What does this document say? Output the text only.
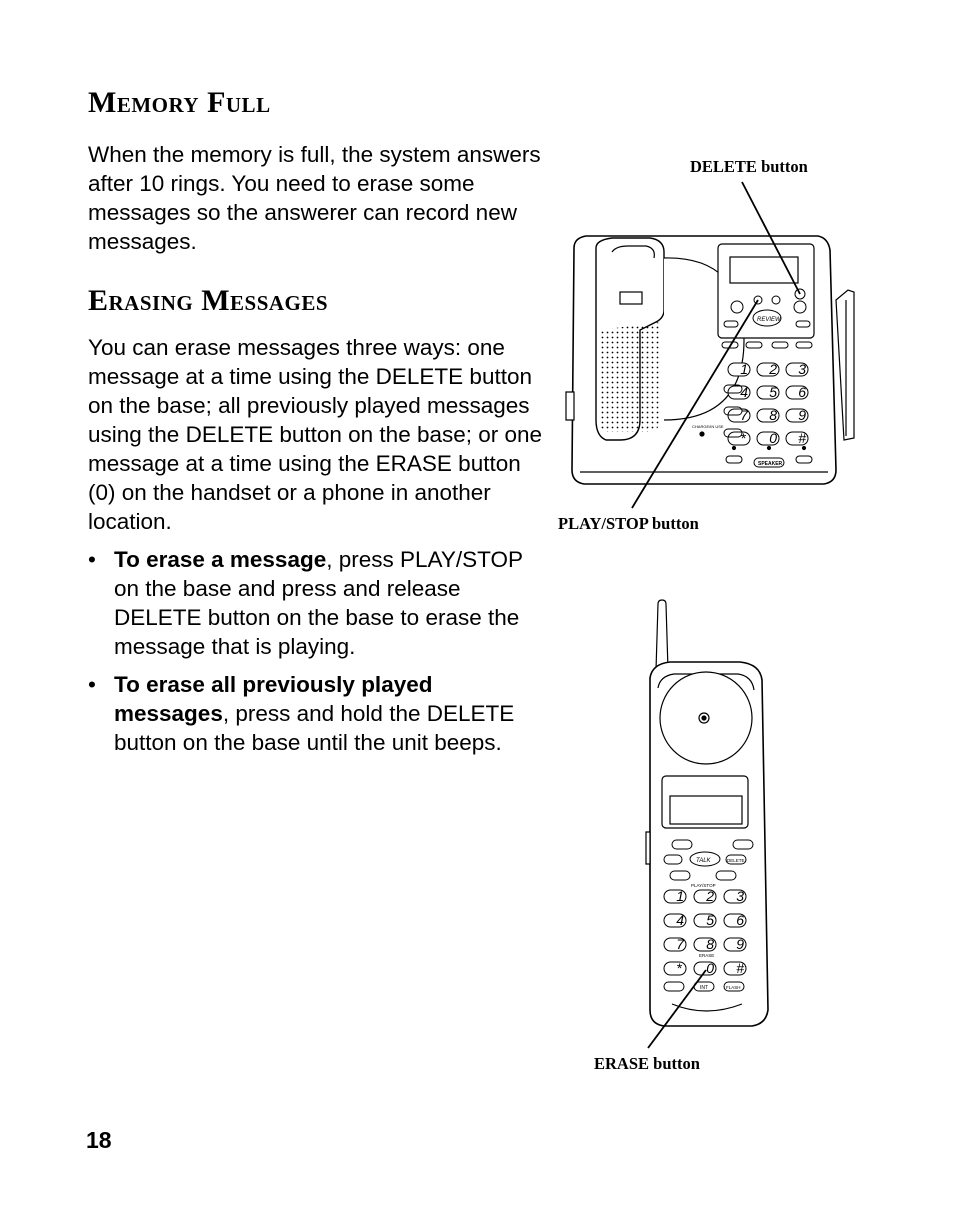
Memory Full

When the memory is full, the system answers after 10 rings. You need to erase some messages so the answerer can record new messages.

Erasing Messages

You can erase messages three ways: one message at a time using the DELETE button on the base; all previously played messages using the DELETE button on the base; or one message at a time using the ERASE button (0) on the handset or a phone in another location.

• To erase a message, press PLAY/STOP on the base and press and release DELETE button on the base to erase the message that is playing.
• To erase all previously played messages, press and hold the DELETE button on the base until the unit beeps.
DELETE button
PLAY/STOP button
ERASE button
18
REVIEW
1 2 3
4 5 6
7 8 9
* 0 #
CHARGE/IN USE
SPEAKER
TALK	DELETE
PLAY/STOP
1 2 3
4 5 6
7 8 9
* 0 #
ERASE
INT	FLASH
